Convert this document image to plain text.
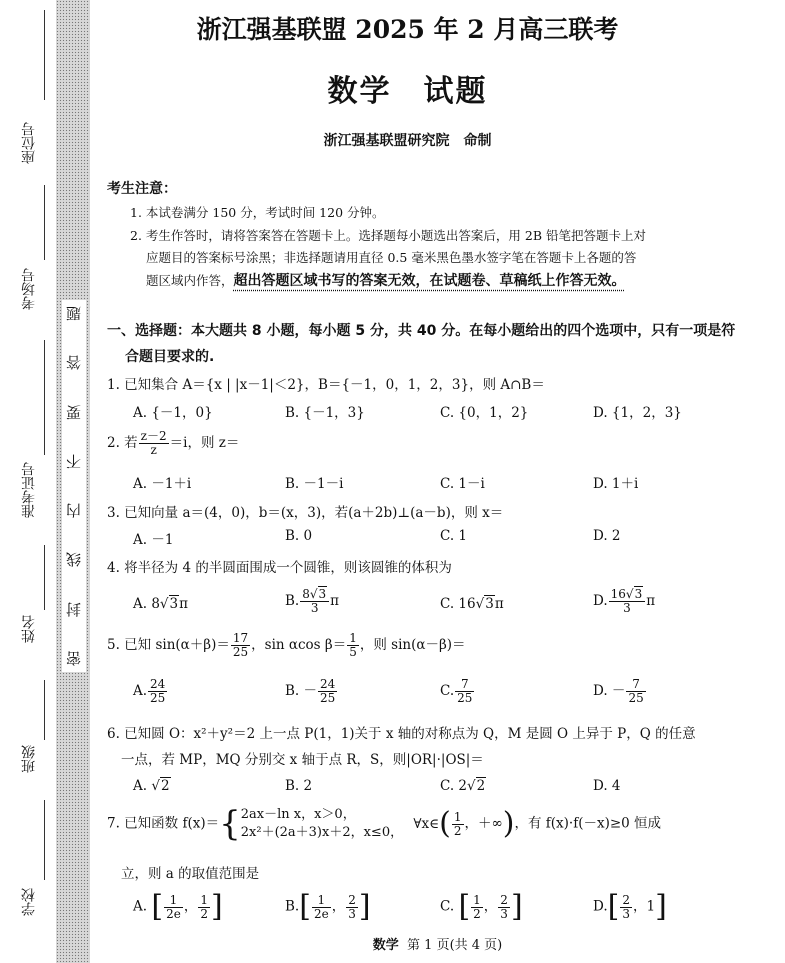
题
答
要
不
内
线
封
密
座位号
考场号
准考证号
姓名
班级
学校
浙江强基联盟 2025 年 2 月高三联考
数学　试题
浙江强基联盟研究院　命制
考生注意：
1. 本试卷满分 150 分，考试时间 120 分钟。
2. 考生作答时，请将答案答在答题卡上。选择题每小题选出答案后，用 2B 铅笔把答题卡上对
应题目的答案标号涂黑；非选择题请用直径 0.5 毫米黑色墨水签字笔在答题卡上各题的答
题区域内作答，超出答题区域书写的答案无效，在试题卷、草稿纸上作答无效。
一、选择题：本大题共 8 小题，每小题 5 分，共 40 分。在每小题给出的四个选项中，只有一项是符
合题目要求的.
1. 已知集合 A＝{x | |x－1|＜2}，B＝{－1，0，1，2，3}，则 A∩B＝
A. {－1，0}	B. {－1，3}	C. {0，1，2}	D. {1，2，3}
2. 若 $\frac{z-2}{z} =i$，则 z＝
A. －1＋i	B. －1－i	C. 1－i	D. 1＋i
3. 已知向量 a＝(4，0)，b＝(x，3)，若(a＋2b)⊥(a－b)，则 x＝
A. －1	B. 0	C. 1	D. 2
4. 将半径为 4 的半圆面围成一个圆锥，则该圆锥的体积为
A. 8√3π	B. $\frac{8√3}{3}$ π	C. 16√3π	D. $\frac{16√3}{3}$ π
5. 已知 $\sin(\alpha+\beta)= \frac{17}{25}$ ，sin αcos $\beta= \frac{1}{5}$ ，则 sin(α－β)＝
A. $\frac{24}{25}$	B. － $\frac{24}{25}$	C. $\frac{7}{25}$	D. － $\frac{7}{25}$
6. 已知圆 O：x²＋y²＝2 上一点 P(1，1)关于 x 轴的对称点为 Q，M 是圆 O 上异于 P，Q 的任意
一点，若 MP，MQ 分别交 x 轴于点 R，S，则|OR|·|OS|＝
A. √2	B. 2	C. 2√2	D. 4
7. 已知函数 f(x)＝{ 2ax－ln x，x＞0，
2x²＋(2a＋3)x＋2，x≤0，
∀x∈( $\frac{1}{2}$ ，＋∞)，有 f(x)·f(－x)≥0 恒成
立，则 a 的取值范围是
A. [ $\frac{1}{2e}$ ， $\frac{1}{2}$ ]	$B.[ \frac{1}{2e}$ ， $\frac{2}{3}$ ]	C. [ $\frac{1}{2}$ ， $\frac{2}{3}$ ]	$D.[ \frac{2}{3}$ ，1]
数学 第 1 页(共 4 页)
